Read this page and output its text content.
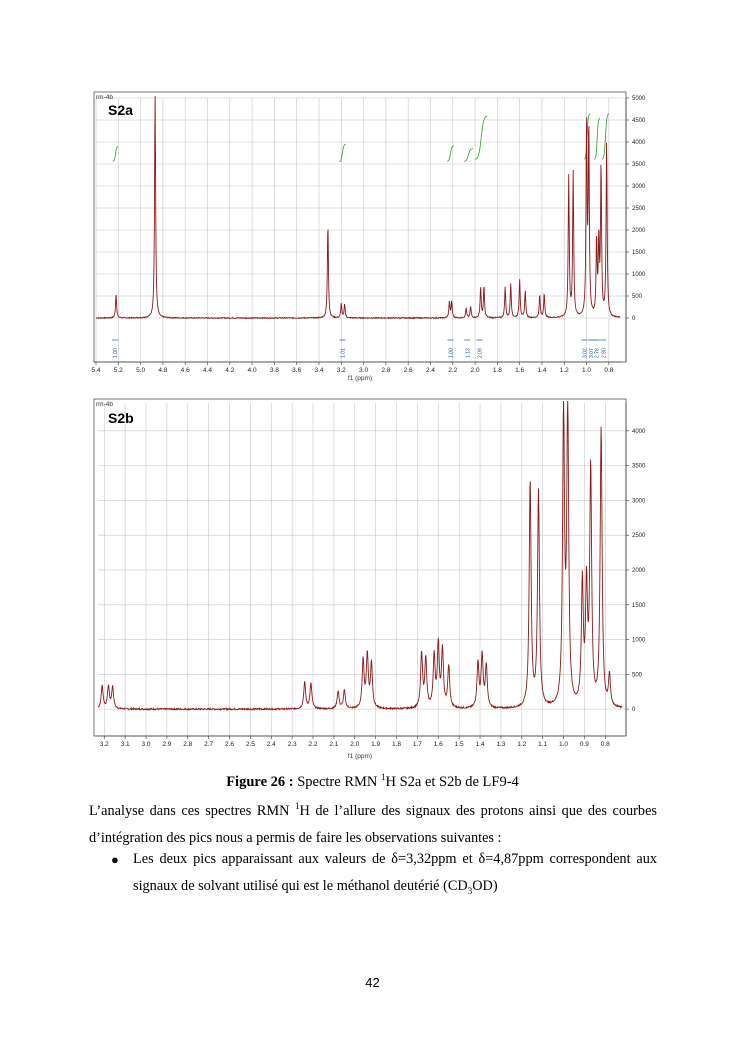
1.00	1.01	1.00 1.13 2.09	3.02 3.07 2.76 2.80
5.4 5.2 5.0 4.8 4.6 4.4 4.2 4.0 3.8 3.6 3.4 3.2 3.0 2.8 2.6 2.4 2.2 2.0 1.8 1.6 1.4 1.2 1.0 0.8
5000
4500
4000
3500
3000
2500
2000
1500
1000
500
0
rm-4b
S2a
f1 (ppm)
3.2 3.1 3.0 2.9 2.8 2.7 2.6 2.5 2.4 2.3 2.2 2.1 2.0 1.9 1.8 1.7 1.6 1.5 1.4 1.3 1.2 1.1 1.0 0.9 0.8
4000
3500
3000
2500
2000
1500
1000
500
0
rm-4b
S2b
f1 (ppm)
Figure 26 : Spectre RMN $^1$H S2a et S2b de LF9-4
L’analyse dans ces spectres RMN $^1$H de l’allure des signaux des protons ainsi que des courbes d’intégration des pics nous a permis de faire les observations suivantes :
● Les deux pics apparaissant aux valeurs de δ=3,32ppm et δ=4,87ppm correspondent aux signaux de solvant utilisé qui est le méthanol deutérié $(CD_3OD)$
42
